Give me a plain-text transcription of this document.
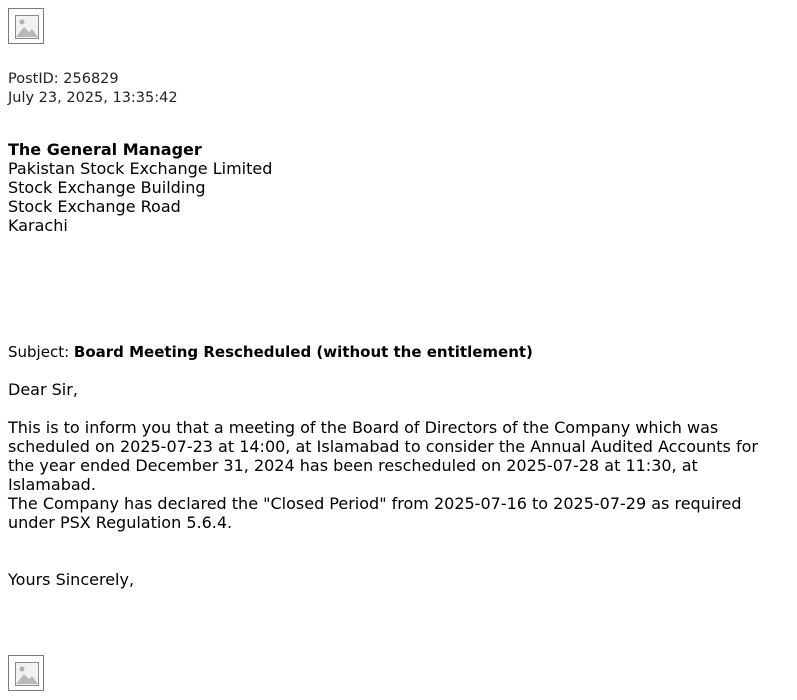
PostID: 256829
July 23, 2025, 13:35:42
The General Manager
Pakistan Stock Exchange Limited
Stock Exchange Building
Stock Exchange Road
Karachi
Subject: Board Meeting Rescheduled (without the entitlement)
Dear Sir,
This is to inform you that a meeting of the Board of Directors of the Company which was scheduled on 2025-07-23 at 14:00, at Islamabad to consider the Annual Audited Accounts for the year ended December 31, 2024 has been rescheduled on 2025-07-28 at 11:30, at Islamabad.
The Company has declared the "Closed Period" from 2025-07-16 to 2025-07-29 as required under PSX Regulation 5.6.4.
Yours Sincerely,
